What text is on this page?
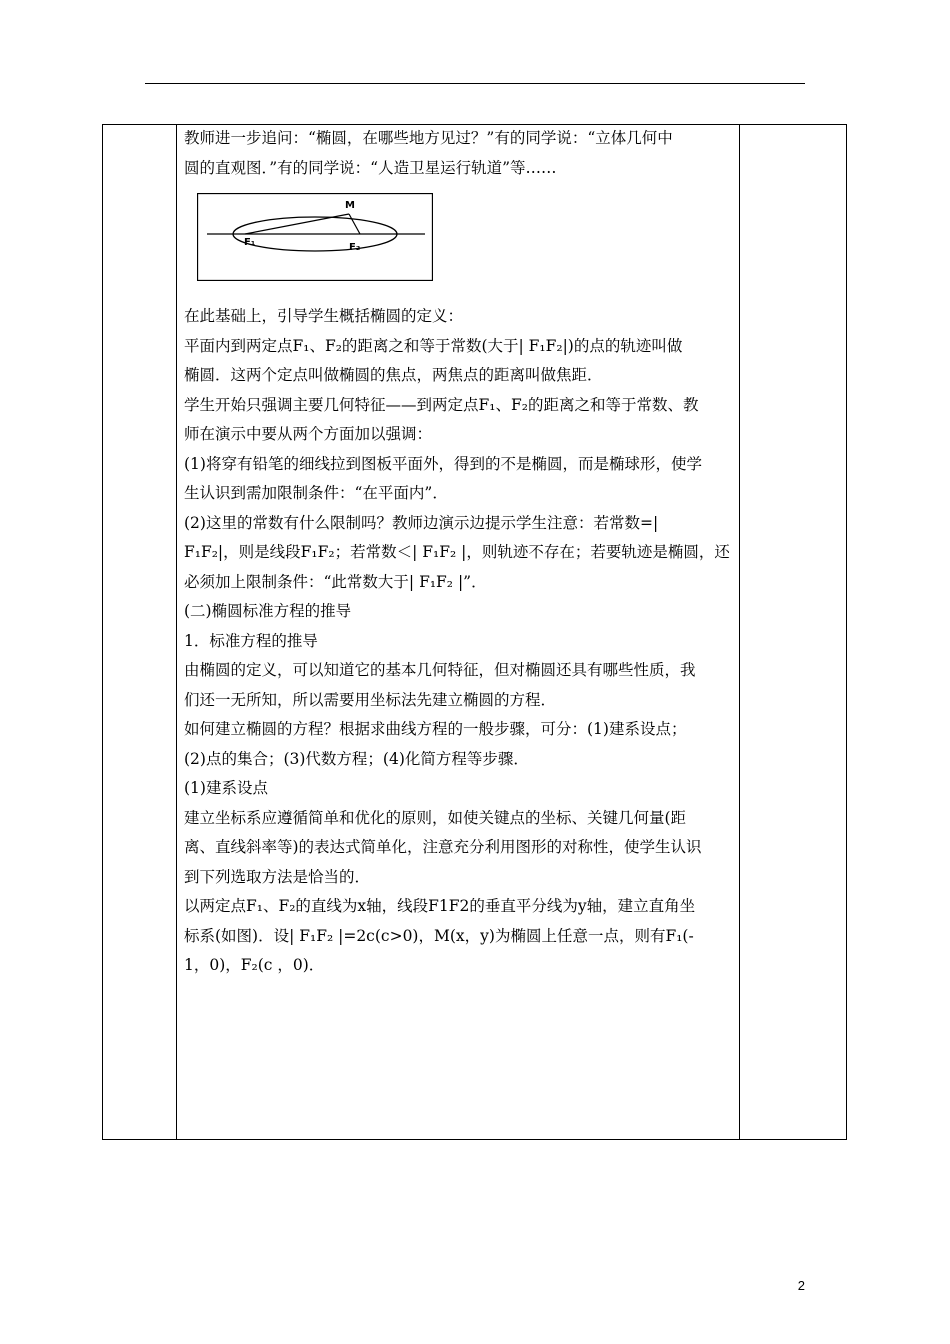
教师进一步追问：“椭圆，在哪些地方见过？”有的同学说：“立体几何中

圆的直观图．”有的同学说：“人造卫星运行轨道”等……

M
F₁	F₂

在此基础上，引导学生概括椭圆的定义：

平面内到两定点F₁、F₂的距离之和等于常数(大于| F₁F₂|)的点的轨迹叫做

椭圆．这两个定点叫做椭圆的焦点，两焦点的距离叫做焦距．

学生开始只强调主要几何特征——到两定点F₁、F₂的距离之和等于常数、教

师在演示中要从两个方面加以强调：

(1)将穿有铅笔的细线拉到图板平面外，得到的不是椭圆，而是椭球形，使学

生认识到需加限制条件：“在平面内”．

(2)这里的常数有什么限制吗？教师边演示边提示学生注意：若常数=|

F₁F₂|，则是线段F₁F₂；若常数＜| F₁F₂ |，则轨迹不存在；若要轨迹是椭圆，还

必须加上限制条件：“此常数大于| F₁F₂ |”．

(二)椭圆标准方程的推导

1．标准方程的推导

由椭圆的定义，可以知道它的基本几何特征，但对椭圆还具有哪些性质，我

们还一无所知，所以需要用坐标法先建立椭圆的方程．

如何建立椭圆的方程？根据求曲线方程的一般步骤，可分：(1)建系设点；

(2)点的集合；(3)代数方程；(4)化简方程等步骤．

(1)建系设点

建立坐标系应遵循简单和优化的原则，如使关键点的坐标、关键几何量(距

离、直线斜率等)的表达式简单化，注意充分利用图形的对称性，使学生认识

到下列选取方法是恰当的．

以两定点F₁、F₂的直线为x轴，线段F1F2的垂直平分线为y轴，建立直角坐

标系(如图)．设| F₁F₂ |=2c(c>0)，M(x，y)为椭圆上任意一点，则有F₁(-

1，0)，F₂(c ，0)．

2
